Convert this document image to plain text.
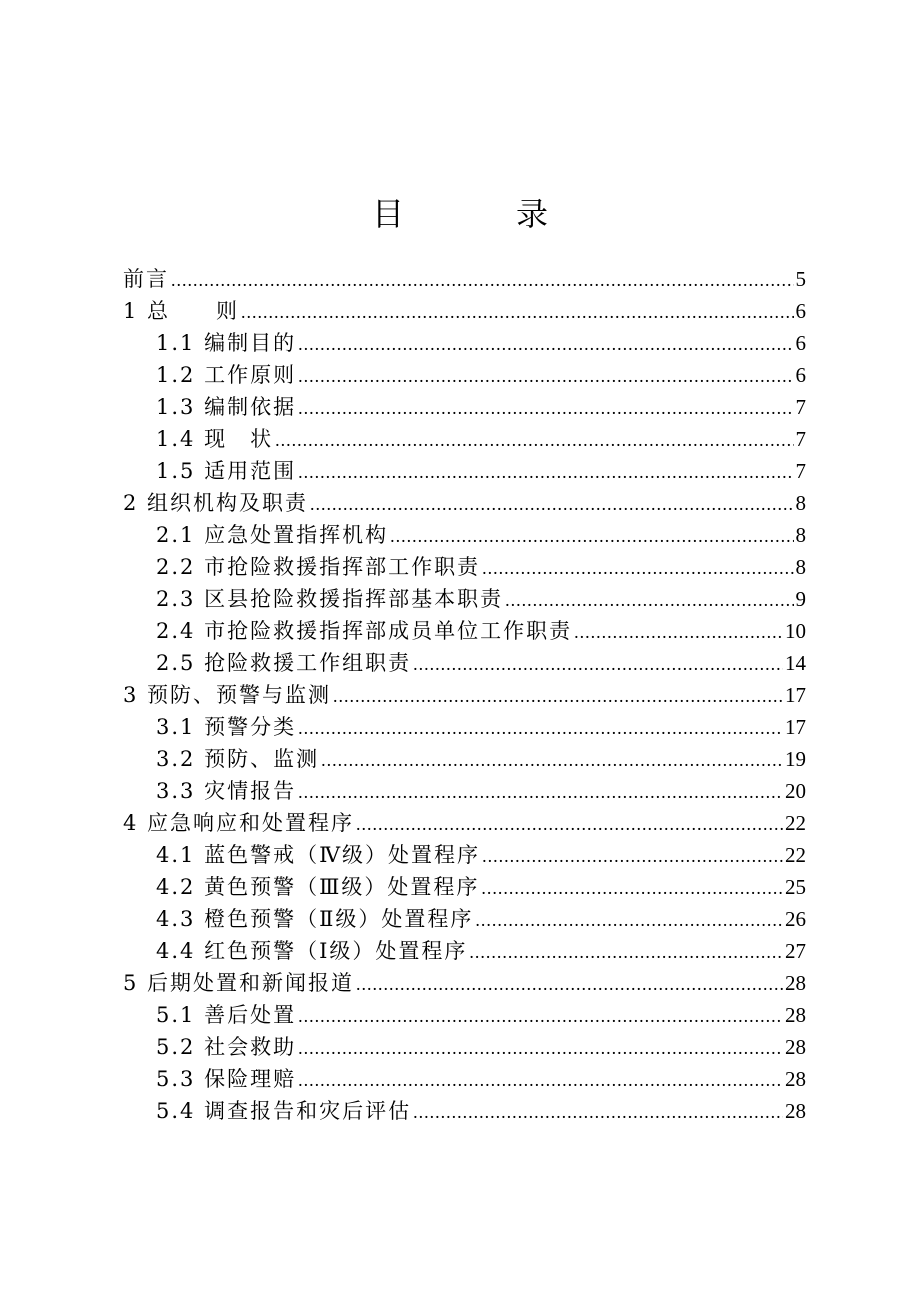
目　录
前言 .....	5
1 总　　则 .....	6
1.1 编制目的 .....	6
1.2 工作原则 .....	6
1.3 编制依据 .....	7
1.4 现　状 .....	7
1.5 适用范围 .....	7
2 组织机构及职责 .....	8
2.1 应急处置指挥机构 .....	8
2.2 市抢险救援指挥部工作职责 .....	8
2.3 区县抢险救援指挥部基本职责 .....	9
2.4 市抢险救援指挥部成员单位工作职责 .....	10
2.5 抢险救援工作组职责 .....	14
3 预防、预警与监测 .....	17
3.1 预警分类 .....	17
3.2 预防、监测 .....	19
3.3 灾情报告 .....	20
4 应急响应和处置程序 .....	22
4.1 蓝色警戒（Ⅳ级）处置程序 .....	22
4.2 黄色预警（Ⅲ级）处置程序 .....	25
4.3 橙色预警（Ⅱ级）处置程序 .....	26
4.4 红色预警（Ⅰ级）处置程序 .....	27
5 后期处置和新闻报道 .....	28
5.1 善后处置 .....	28
5.2 社会救助 .....	28
5.3 保险理赔 .....	28
5.4 调查报告和灾后评估 .....	28
